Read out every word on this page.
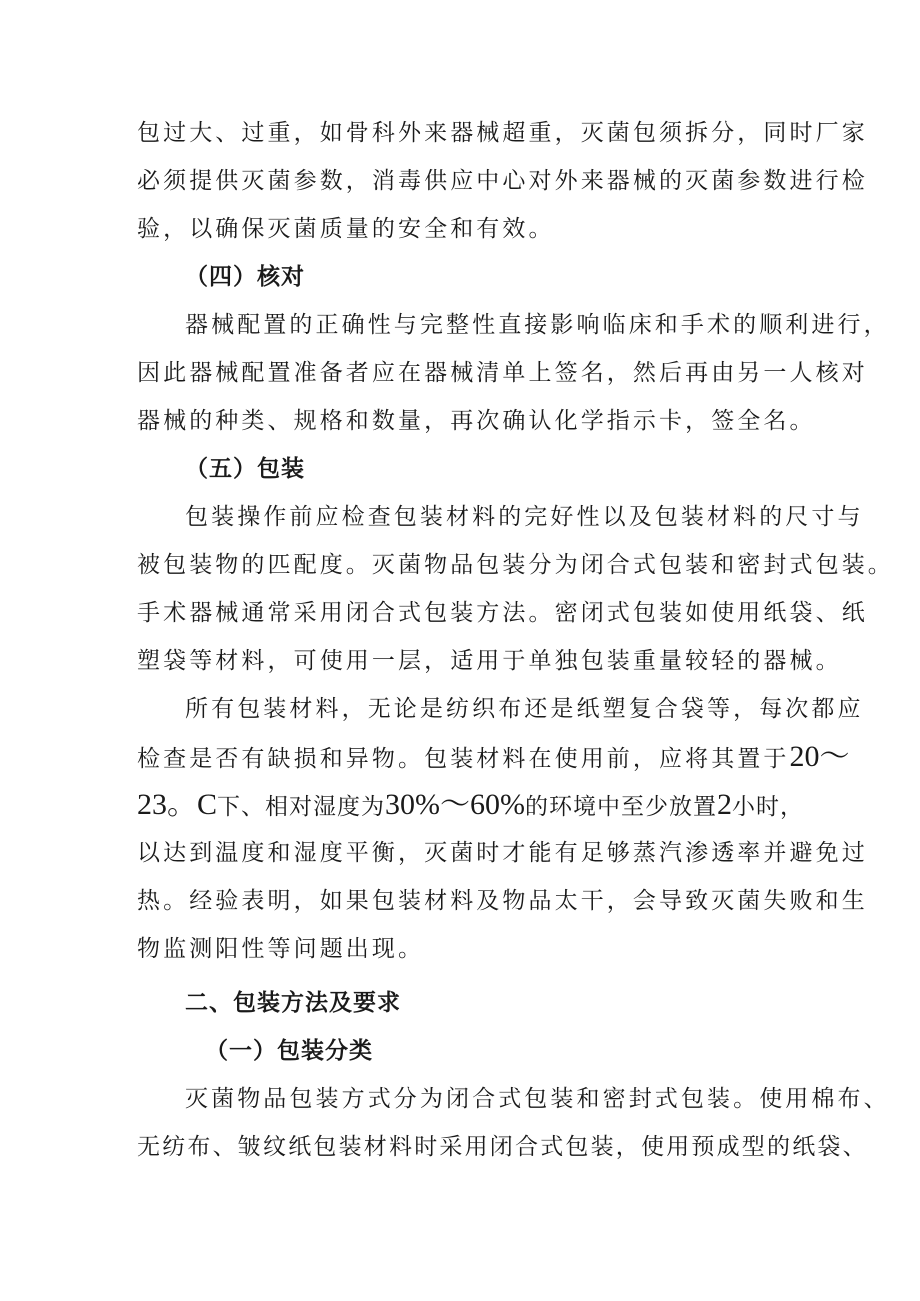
包过大、过重，如骨科外来器械超重，灭菌包须拆分，同时厂家
必须提供灭菌参数，消毒供应中心对外来器械的灭菌参数进行检
验，以确保灭菌质量的安全和有效。
（四）核对
器械配置的正确性与完整性直接影响临床和手术的顺利进行，
因此器械配置准备者应在器械清单上签名，然后再由另一人核对
器械的种类、规格和数量，再次确认化学指示卡，签全名。
（五）包装
包装操作前应检查包装材料的完好性以及包装材料的尺寸与
被包装物的匹配度。灭菌物品包装分为闭合式包装和密封式包装。
手术器械通常采用闭合式包装方法。密闭式包装如使用纸袋、纸
塑袋等材料，可使用一层，适用于单独包装重量较轻的器械。
所有包装材料，无论是纺织布还是纸塑复合袋等，每次都应
检查是否有缺损和异物。包装材料在使用前，应将其置于20～
23。C下、相对湿度为30%～60%的环境中至少放置2小时，
以达到温度和湿度平衡，灭菌时才能有足够蒸汽渗透率并避免过
热。经验表明，如果包装材料及物品太干，会导致灭菌失败和生
物监测阳性等问题出现。
二、包装方法及要求
（一）包装分类
灭菌物品包装方式分为闭合式包装和密封式包装。使用棉布、
无纺布、皱纹纸包装材料时采用闭合式包装，使用预成型的纸袋、
